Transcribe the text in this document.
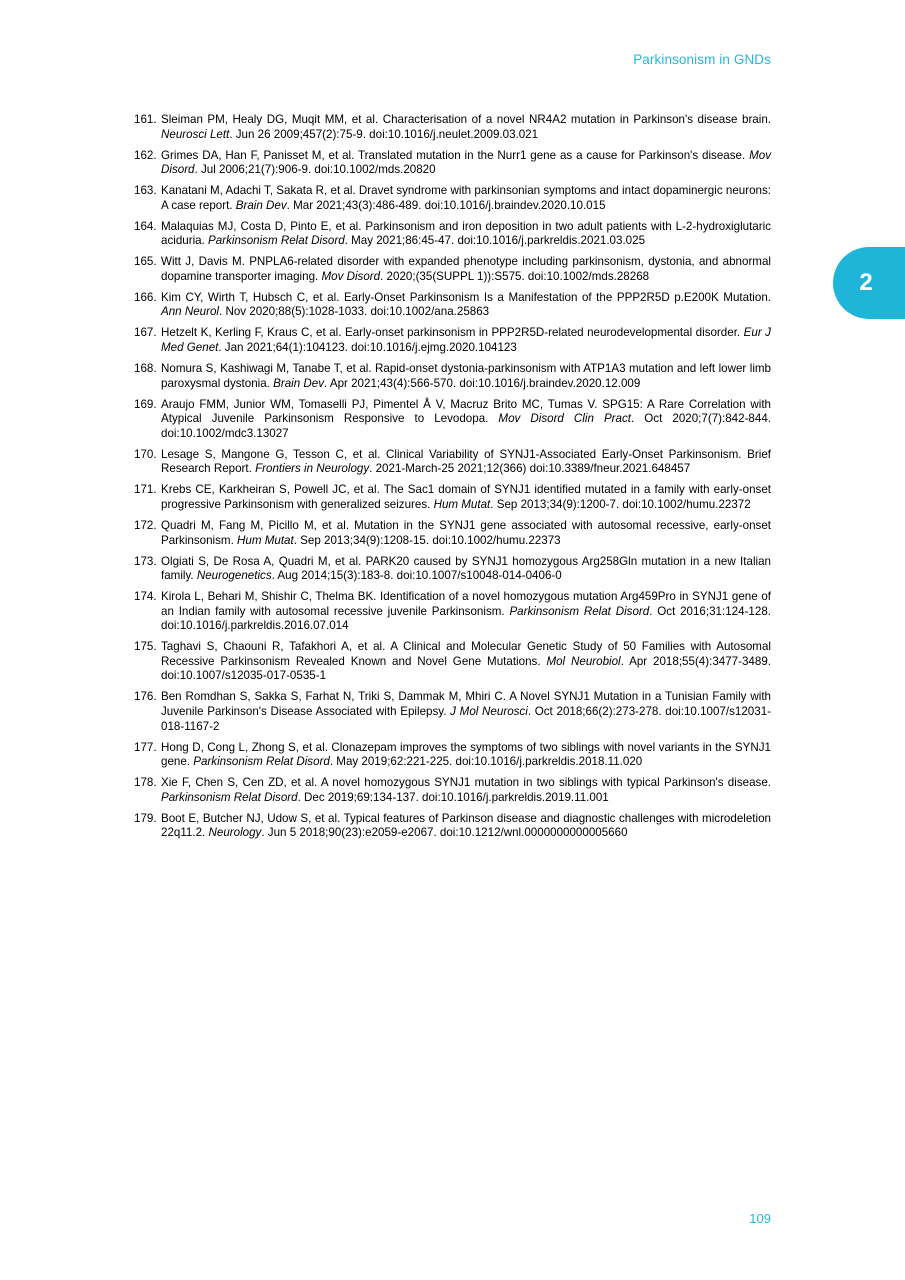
Parkinsonism in GNDs
2
161. Sleiman PM, Healy DG, Muqit MM, et al. Characterisation of a novel NR4A2 mutation in Parkinson's disease brain. Neurosci Lett. Jun 26 2009;457(2):75-9. doi:10.1016/j.neulet.2009.03.021
162. Grimes DA, Han F, Panisset M, et al. Translated mutation in the Nurr1 gene as a cause for Parkinson's disease. Mov Disord. Jul 2006;21(7):906-9. doi:10.1002/mds.20820
163. Kanatani M, Adachi T, Sakata R, et al. Dravet syndrome with parkinsonian symptoms and intact dopaminergic neurons: A case report. Brain Dev. Mar 2021;43(3):486-489. doi:10.1016/j.braindev.2020.10.015
164. Malaquias MJ, Costa D, Pinto E, et al. Parkinsonism and iron deposition in two adult patients with L-2-hydroxiglutaric aciduria. Parkinsonism Relat Disord. May 2021;86:45-47. doi:10.1016/j.parkreldis.2021.03.025
165. Witt J, Davis M. PNPLA6-related disorder with expanded phenotype including parkinsonism, dystonia, and abnormal dopamine transporter imaging. Mov Disord. 2020;(35(SUPPL 1)):S575. doi:10.1002/mds.28268
166. Kim CY, Wirth T, Hubsch C, et al. Early-Onset Parkinsonism Is a Manifestation of the PPP2R5D p.E200K Mutation. Ann Neurol. Nov 2020;88(5):1028-1033. doi:10.1002/ana.25863
167. Hetzelt K, Kerling F, Kraus C, et al. Early-onset parkinsonism in PPP2R5D-related neurodevelopmental disorder. Eur J Med Genet. Jan 2021;64(1):104123. doi:10.1016/j.ejmg.2020.104123
168. Nomura S, Kashiwagi M, Tanabe T, et al. Rapid-onset dystonia-parkinsonism with ATP1A3 mutation and left lower limb paroxysmal dystonia. Brain Dev. Apr 2021;43(4):566-570. doi:10.1016/j.braindev.2020.12.009
169. Araujo FMM, Junior WM, Tomaselli PJ, Pimentel Å V, Macruz Brito MC, Tumas V. SPG15: A Rare Correlation with Atypical Juvenile Parkinsonism Responsive to Levodopa. Mov Disord Clin Pract. Oct 2020;7(7):842-844. doi:10.1002/mdc3.13027
170. Lesage S, Mangone G, Tesson C, et al. Clinical Variability of SYNJ1-Associated Early-Onset Parkinsonism. Brief Research Report. Frontiers in Neurology. 2021-March-25 2021;12(366) doi:10.3389/fneur.2021.648457
171. Krebs CE, Karkheiran S, Powell JC, et al. The Sac1 domain of SYNJ1 identified mutated in a family with early-onset progressive Parkinsonism with generalized seizures. Hum Mutat. Sep 2013;34(9):1200-7. doi:10.1002/humu.22372
172. Quadri M, Fang M, Picillo M, et al. Mutation in the SYNJ1 gene associated with autosomal recessive, early-onset Parkinsonism. Hum Mutat. Sep 2013;34(9):1208-15. doi:10.1002/humu.22373
173. Olgiati S, De Rosa A, Quadri M, et al. PARK20 caused by SYNJ1 homozygous Arg258Gln mutation in a new Italian family. Neurogenetics. Aug 2014;15(3):183-8. doi:10.1007/s10048-014-0406-0
174. Kirola L, Behari M, Shishir C, Thelma BK. Identification of a novel homozygous mutation Arg459Pro in SYNJ1 gene of an Indian family with autosomal recessive juvenile Parkinsonism. Parkinsonism Relat Disord. Oct 2016;31:124-128. doi:10.1016/j.parkreldis.2016.07.014
175. Taghavi S, Chaouni R, Tafakhori A, et al. A Clinical and Molecular Genetic Study of 50 Families with Autosomal Recessive Parkinsonism Revealed Known and Novel Gene Mutations. Mol Neurobiol. Apr 2018;55(4):3477-3489. doi:10.1007/s12035-017-0535-1
176. Ben Romdhan S, Sakka S, Farhat N, Triki S, Dammak M, Mhiri C. A Novel SYNJ1 Mutation in a Tunisian Family with Juvenile Parkinson's Disease Associated with Epilepsy. J Mol Neurosci. Oct 2018;66(2):273-278. doi:10.1007/s12031-018-1167-2
177. Hong D, Cong L, Zhong S, et al. Clonazepam improves the symptoms of two siblings with novel variants in the SYNJ1 gene. Parkinsonism Relat Disord. May 2019;62:221-225. doi:10.1016/j.parkreldis.2018.11.020
178. Xie F, Chen S, Cen ZD, et al. A novel homozygous SYNJ1 mutation in two siblings with typical Parkinson's disease. Parkinsonism Relat Disord. Dec 2019;69:134-137. doi:10.1016/j.parkreldis.2019.11.001
179. Boot E, Butcher NJ, Udow S, et al. Typical features of Parkinson disease and diagnostic challenges with microdeletion 22q11.2. Neurology. Jun 5 2018;90(23):e2059-e2067. doi:10.1212/wnl.0000000000005660
109
